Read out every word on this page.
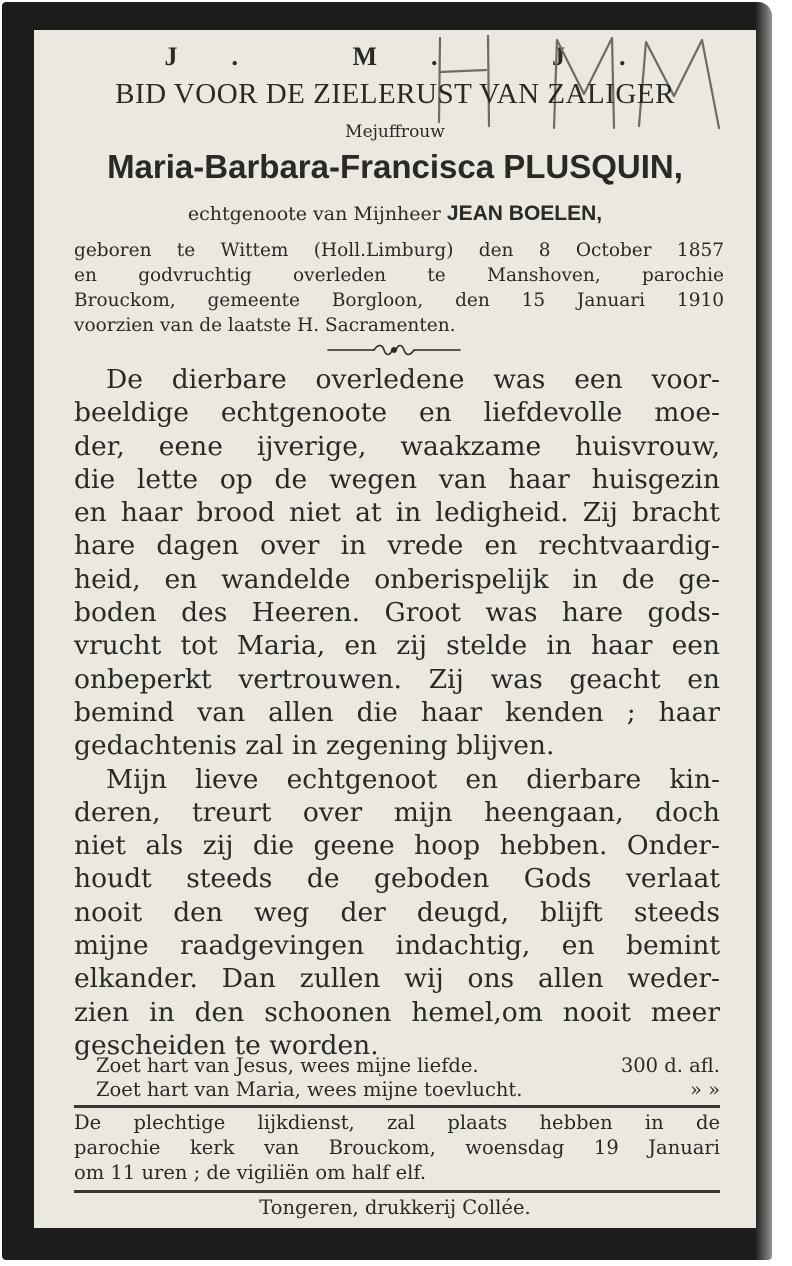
J. M. J.
HMM
BID VOOR DE ZIELERUST VAN ZALIGER
Mejuffrouw
Maria-Barbara-Francisca PLUSQUIN,
echtgenoote van Mijnheer JEAN BOELEN,
geboren te Wittem (Holl.Limburg) den 8 October 1857
en godvruchtig overleden te Manshoven, parochie
Brouckom, gemeente Borgloon, den 15 Januari 1910
voorzien van de laatste H. Sacramenten.
De dierbare overledene was een voor-
beeldige echtgenoote en liefdevolle moe-
der, eene ijverige, waakzame huisvrouw,
die lette op de wegen van haar huisgezin
en haar brood niet at in ledigheid. Zij bracht
hare dagen over in vrede en rechtvaardig-
heid, en wandelde onberispelijk in de ge-
boden des Heeren. Groot was hare gods-
vrucht tot Maria, en zij stelde in haar een
onbeperkt vertrouwen. Zij was geacht en
bemind van allen die haar kenden ; haar
gedachtenis zal in zegening blijven.
Mijn lieve echtgenoot en dierbare kin-
deren, treurt over mijn heengaan, doch
niet als zij die geene hoop hebben. Onder-
houdt steeds de geboden Gods verlaat
nooit den weg der deugd, blijft steeds
mijne raadgevingen indachtig, en bemint
elkander. Dan zullen wij ons allen weder-
zien in den schoonen hemel,om nooit meer
gescheiden te worden.
Zoet hart van Jesus, wees mijne liefde.	300 d. afl.
Zoet hart van Maria, wees mijne toevlucht.	» »
De plechtige lijkdienst, zal plaats hebben in de
parochie kerk van Brouckom, woensdag 19 Januari
om 11 uren ; de vigiliën om half elf.
Tongeren, drukkerij Collée.
